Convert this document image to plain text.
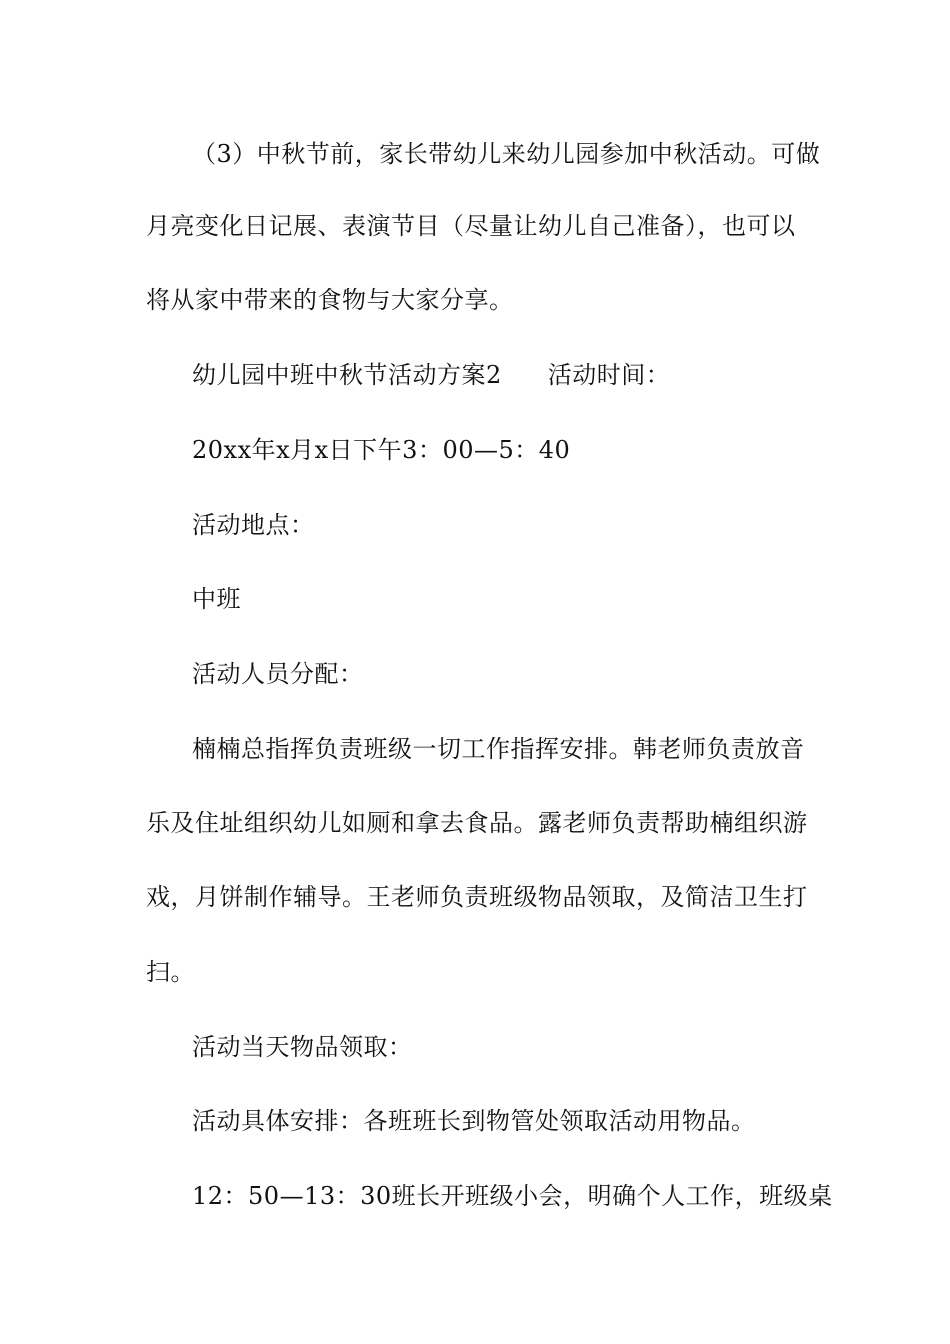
（3）中秋节前，家长带幼儿来幼儿园参加中秋活动。可做
月亮变化日记展、表演节目（尽量让幼儿自己准备），也可以
将从家中带来的食物与大家分享。
幼儿园中班中秋节活动方案2 活动时间：
20xx年x月x日下午3：00—5：40
活动地点：
中班
活动人员分配：
楠楠总指挥负责班级一切工作指挥安排。韩老师负责放音
乐及住址组织幼儿如厕和拿去食品。露老师负责帮助楠组织游
戏，月饼制作辅导。王老师负责班级物品领取，及简洁卫生打
扫。
活动当天物品领取：
活动具体安排：各班班长到物管处领取活动用物品。
12：50—13：30班长开班级小会，明确个人工作，班级桌
